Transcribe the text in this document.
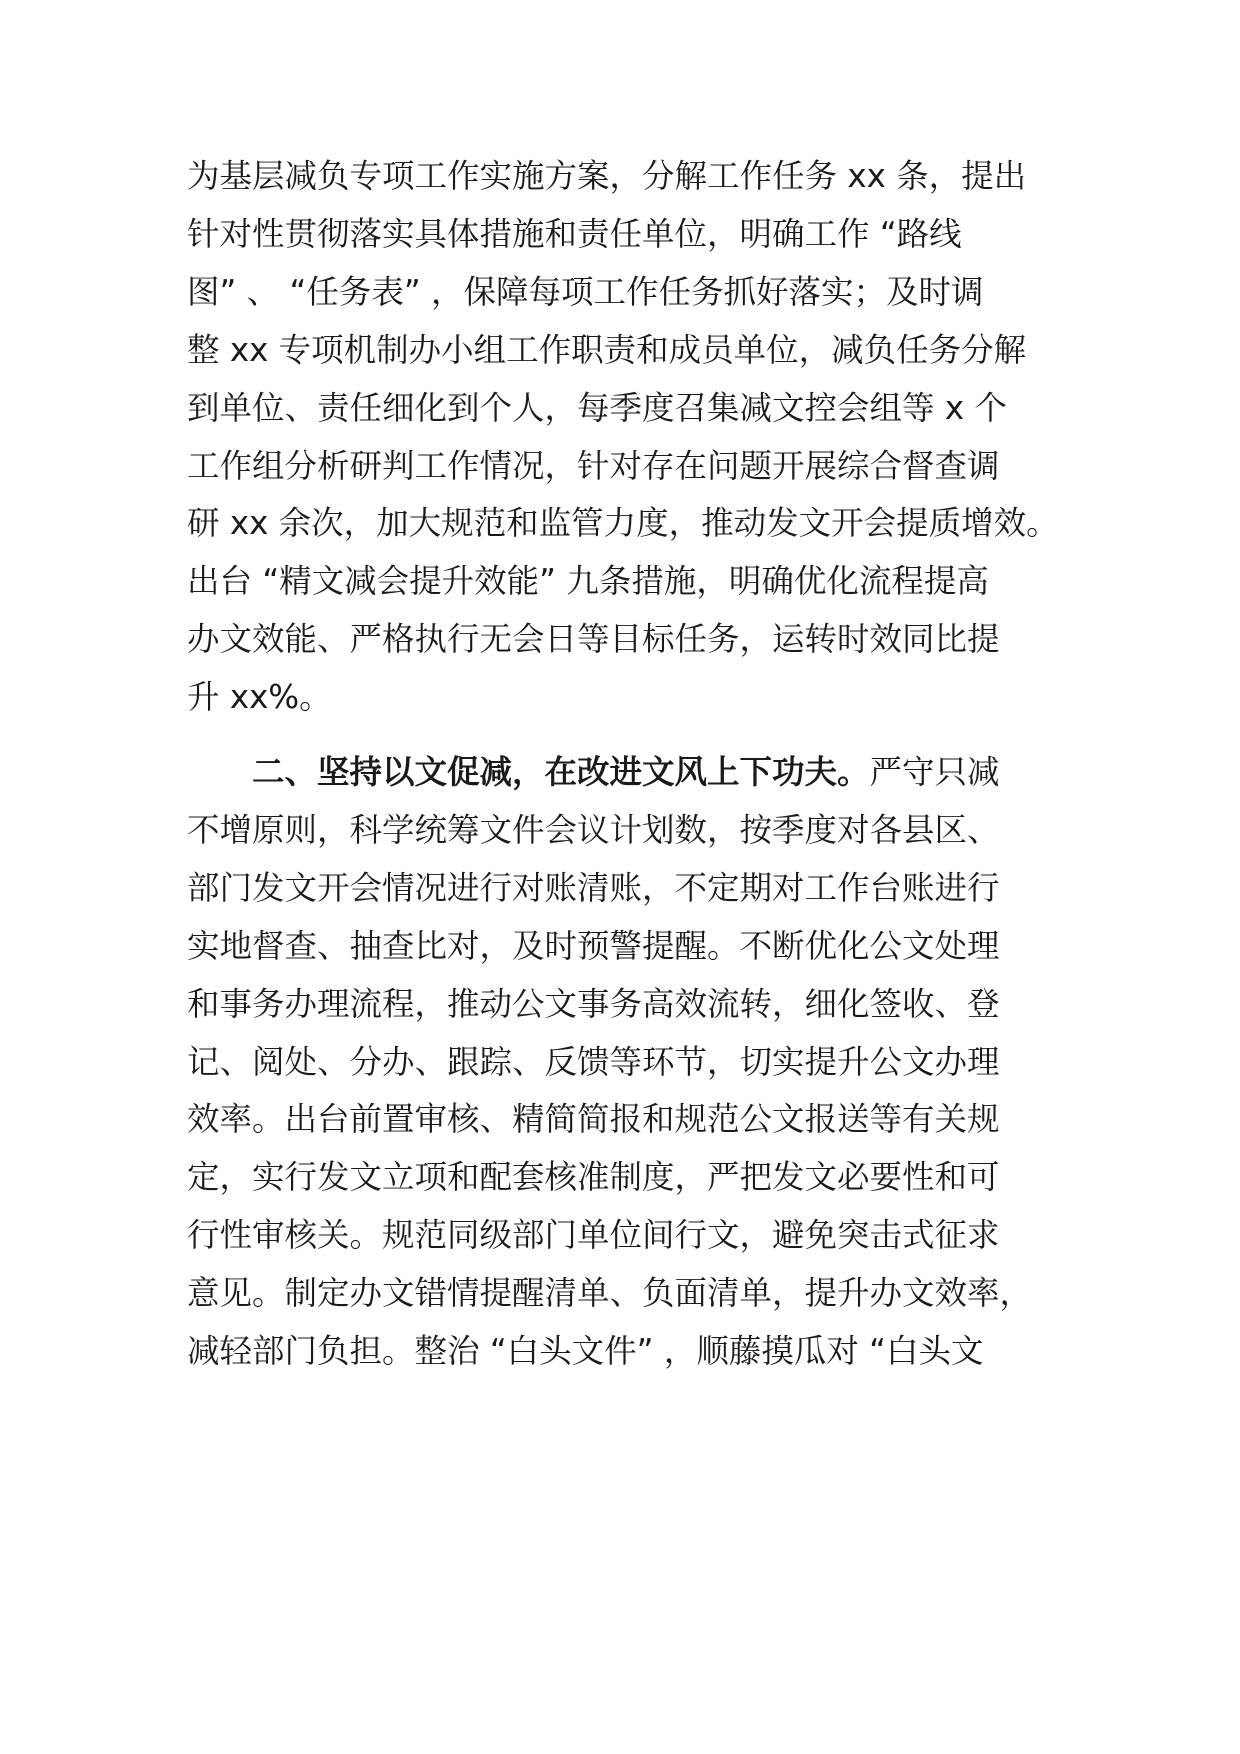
为基层减负专项工作实施方案，分解工作任务 xx 条，提出
针对性贯彻落实具体措施和责任单位，明确工作 “路线
图” 、 “任务表” ，保障每项工作任务抓好落实；及时调
整 xx 专项机制办小组工作职责和成员单位，减负任务分解
到单位、责任细化到个人，每季度召集减文控会组等 x 个
工作组分析研判工作情况，针对存在问题开展综合督查调
研 xx 余次，加大规范和监管力度，推动发文开会提质增效。
出台 “精文减会提升效能” 九条措施，明确优化流程提高
办文效能、严格执行无会日等目标任务，运转时效同比提
升 xx%。
二、坚持以文促减，在改进文风上下功夫。严守只减
不增原则，科学统筹文件会议计划数，按季度对各县区、
部门发文开会情况进行对账清账，不定期对工作台账进行
实地督查、抽查比对，及时预警提醒。不断优化公文处理
和事务办理流程，推动公文事务高效流转，细化签收、登
记、阅处、分办、跟踪、反馈等环节，切实提升公文办理
效率。出台前置审核、精简简报和规范公文报送等有关规
定，实行发文立项和配套核准制度，严把发文必要性和可
行性审核关。规范同级部门单位间行文，避免突击式征求
意见。制定办文错情提醒清单、负面清单，提升办文效率，
减轻部门负担。整治 “白头文件” ，顺藤摸瓜对 “白头文
